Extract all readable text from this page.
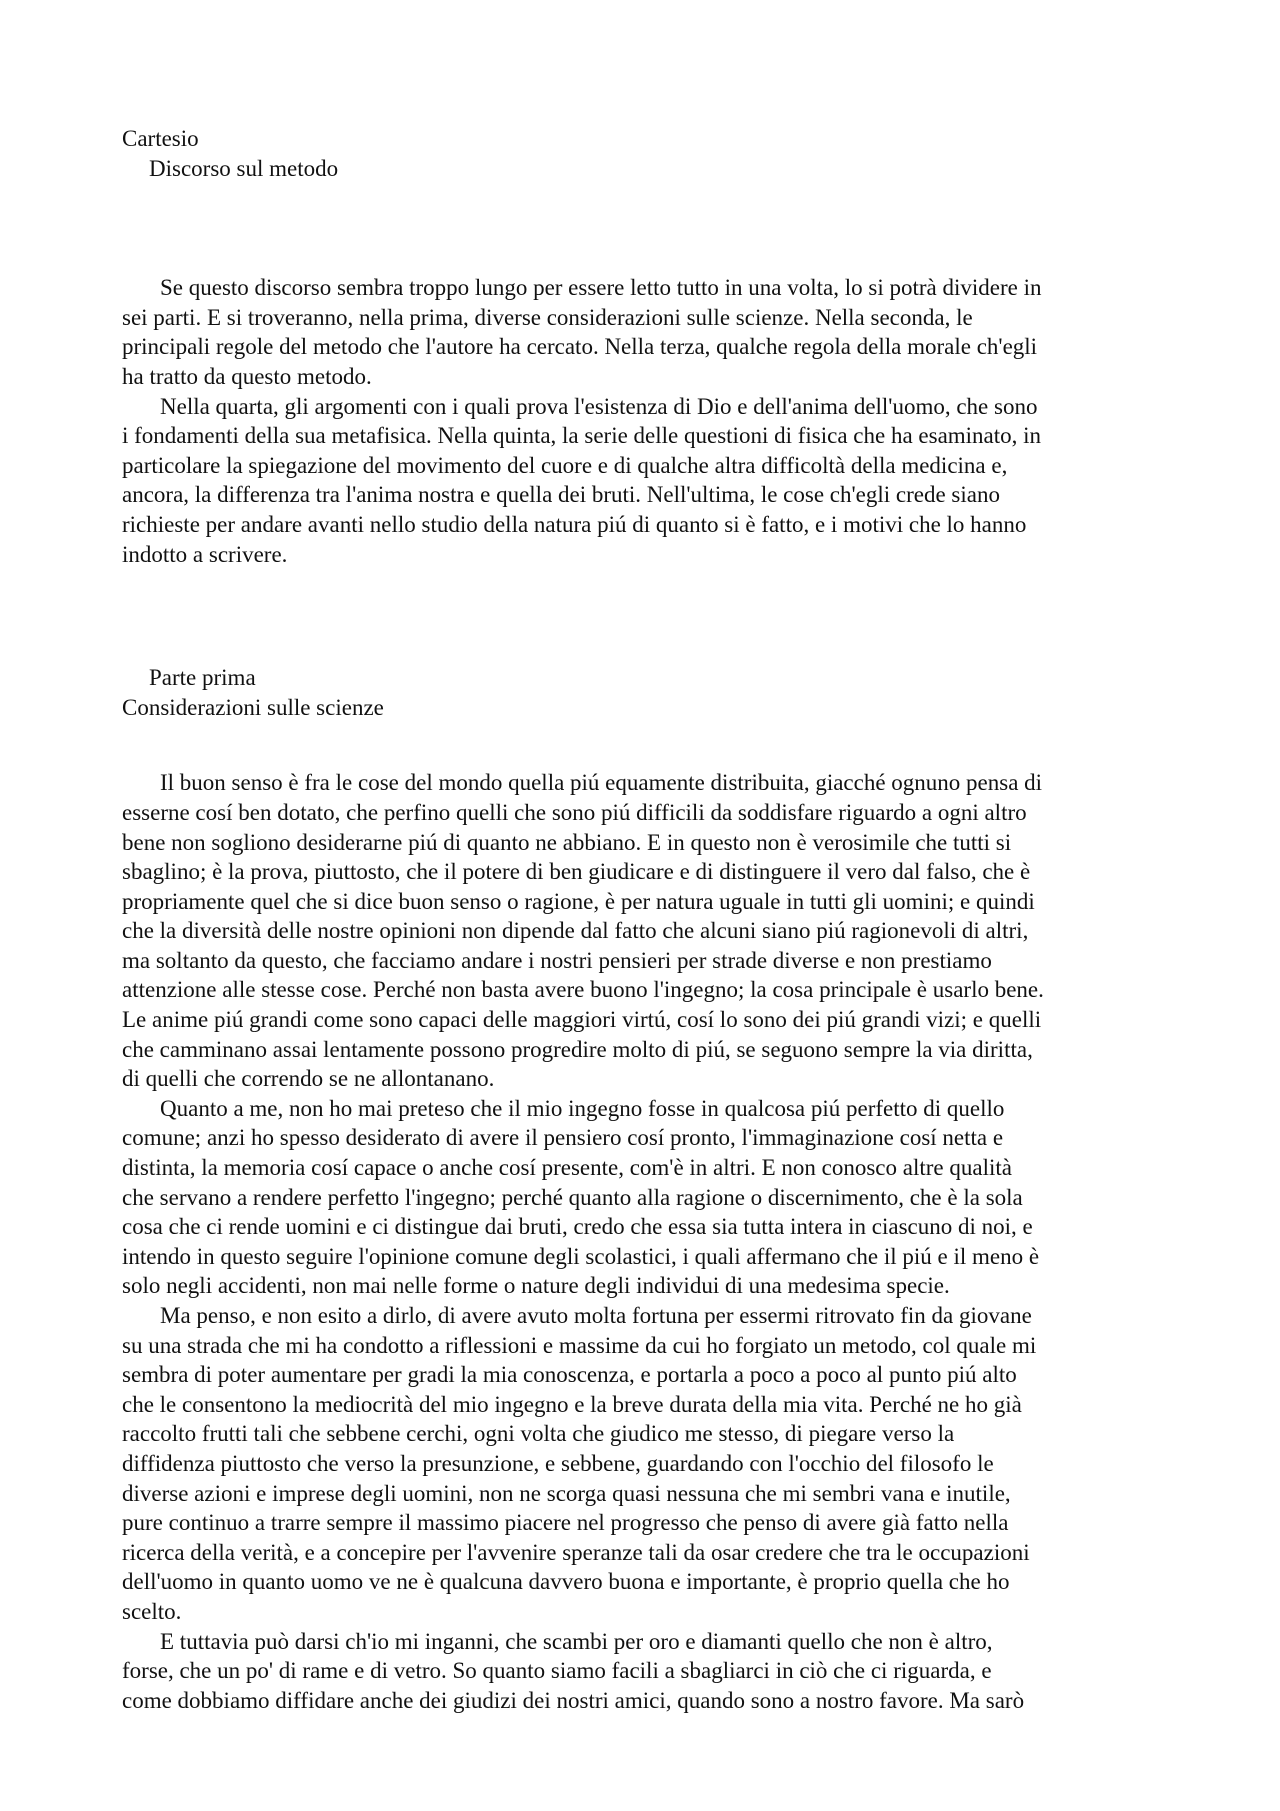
Cartesio
Discorso sul metodo
Se questo discorso sembra troppo lungo per essere letto tutto in una volta, lo si potrà dividere in
sei parti. E si troveranno, nella prima, diverse considerazioni sulle scienze. Nella seconda, le
principali regole del metodo che l'autore ha cercato. Nella terza, qualche regola della morale ch'egli
ha tratto da questo metodo.
Nella quarta, gli argomenti con i quali prova l'esistenza di Dio e dell'anima dell'uomo, che sono
i fondamenti della sua metafisica. Nella quinta, la serie delle questioni di fisica che ha esaminato, in
particolare la spiegazione del movimento del cuore e di qualche altra difficoltà della medicina e,
ancora, la differenza tra l'anima nostra e quella dei bruti. Nell'ultima, le cose ch'egli crede siano
richieste per andare avanti nello studio della natura piú di quanto si è fatto, e i motivi che lo hanno
indotto a scrivere.
Parte prima
Considerazioni sulle scienze
Il buon senso è fra le cose del mondo quella piú equamente distribuita, giacché ognuno pensa di
esserne cosí ben dotato, che perfino quelli che sono piú difficili da soddisfare riguardo a ogni altro
bene non sogliono desiderarne piú di quanto ne abbiano. E in questo non è verosimile che tutti si
sbaglino; è la prova, piuttosto, che il potere di ben giudicare e di distinguere il vero dal falso, che è
propriamente quel che si dice buon senso o ragione, è per natura uguale in tutti gli uomini; e quindi
che la diversità delle nostre opinioni non dipende dal fatto che alcuni siano piú ragionevoli di altri,
ma soltanto da questo, che facciamo andare i nostri pensieri per strade diverse e non prestiamo
attenzione alle stesse cose. Perché non basta avere buono l'ingegno; la cosa principale è usarlo bene.
Le anime piú grandi come sono capaci delle maggiori virtú, cosí lo sono dei piú grandi vizi; e quelli
che camminano assai lentamente possono progredire molto di piú, se seguono sempre la via diritta,
di quelli che correndo se ne allontanano.
Quanto a me, non ho mai preteso che il mio ingegno fosse in qualcosa piú perfetto di quello
comune; anzi ho spesso desiderato di avere il pensiero cosí pronto, l'immaginazione cosí netta e
distinta, la memoria cosí capace o anche cosí presente, com'è in altri. E non conosco altre qualità
che servano a rendere perfetto l'ingegno; perché quanto alla ragione o discernimento, che è la sola
cosa che ci rende uomini e ci distingue dai bruti, credo che essa sia tutta intera in ciascuno di noi, e
intendo in questo seguire l'opinione comune degli scolastici, i quali affermano che il piú e il meno è
solo negli accidenti, non mai nelle forme o nature degli individui di una medesima specie.
Ma penso, e non esito a dirlo, di avere avuto molta fortuna per essermi ritrovato fin da giovane
su una strada che mi ha condotto a riflessioni e massime da cui ho forgiato un metodo, col quale mi
sembra di poter aumentare per gradi la mia conoscenza, e portarla a poco a poco al punto piú alto
che le consentono la mediocrità del mio ingegno e la breve durata della mia vita. Perché ne ho già
raccolto frutti tali che sebbene cerchi, ogni volta che giudico me stesso, di piegare verso la
diffidenza piuttosto che verso la presunzione, e sebbene, guardando con l'occhio del filosofo le
diverse azioni e imprese degli uomini, non ne scorga quasi nessuna che mi sembri vana e inutile,
pure continuo a trarre sempre il massimo piacere nel progresso che penso di avere già fatto nella
ricerca della verità, e a concepire per l'avvenire speranze tali da osar credere che tra le occupazioni
dell'uomo in quanto uomo ve ne è qualcuna davvero buona e importante, è proprio quella che ho
scelto.
E tuttavia può darsi ch'io mi inganni, che scambi per oro e diamanti quello che non è altro,
forse, che un po' di rame e di vetro. So quanto siamo facili a sbagliarci in ciò che ci riguarda, e
come dobbiamo diffidare anche dei giudizi dei nostri amici, quando sono a nostro favore. Ma sarò
